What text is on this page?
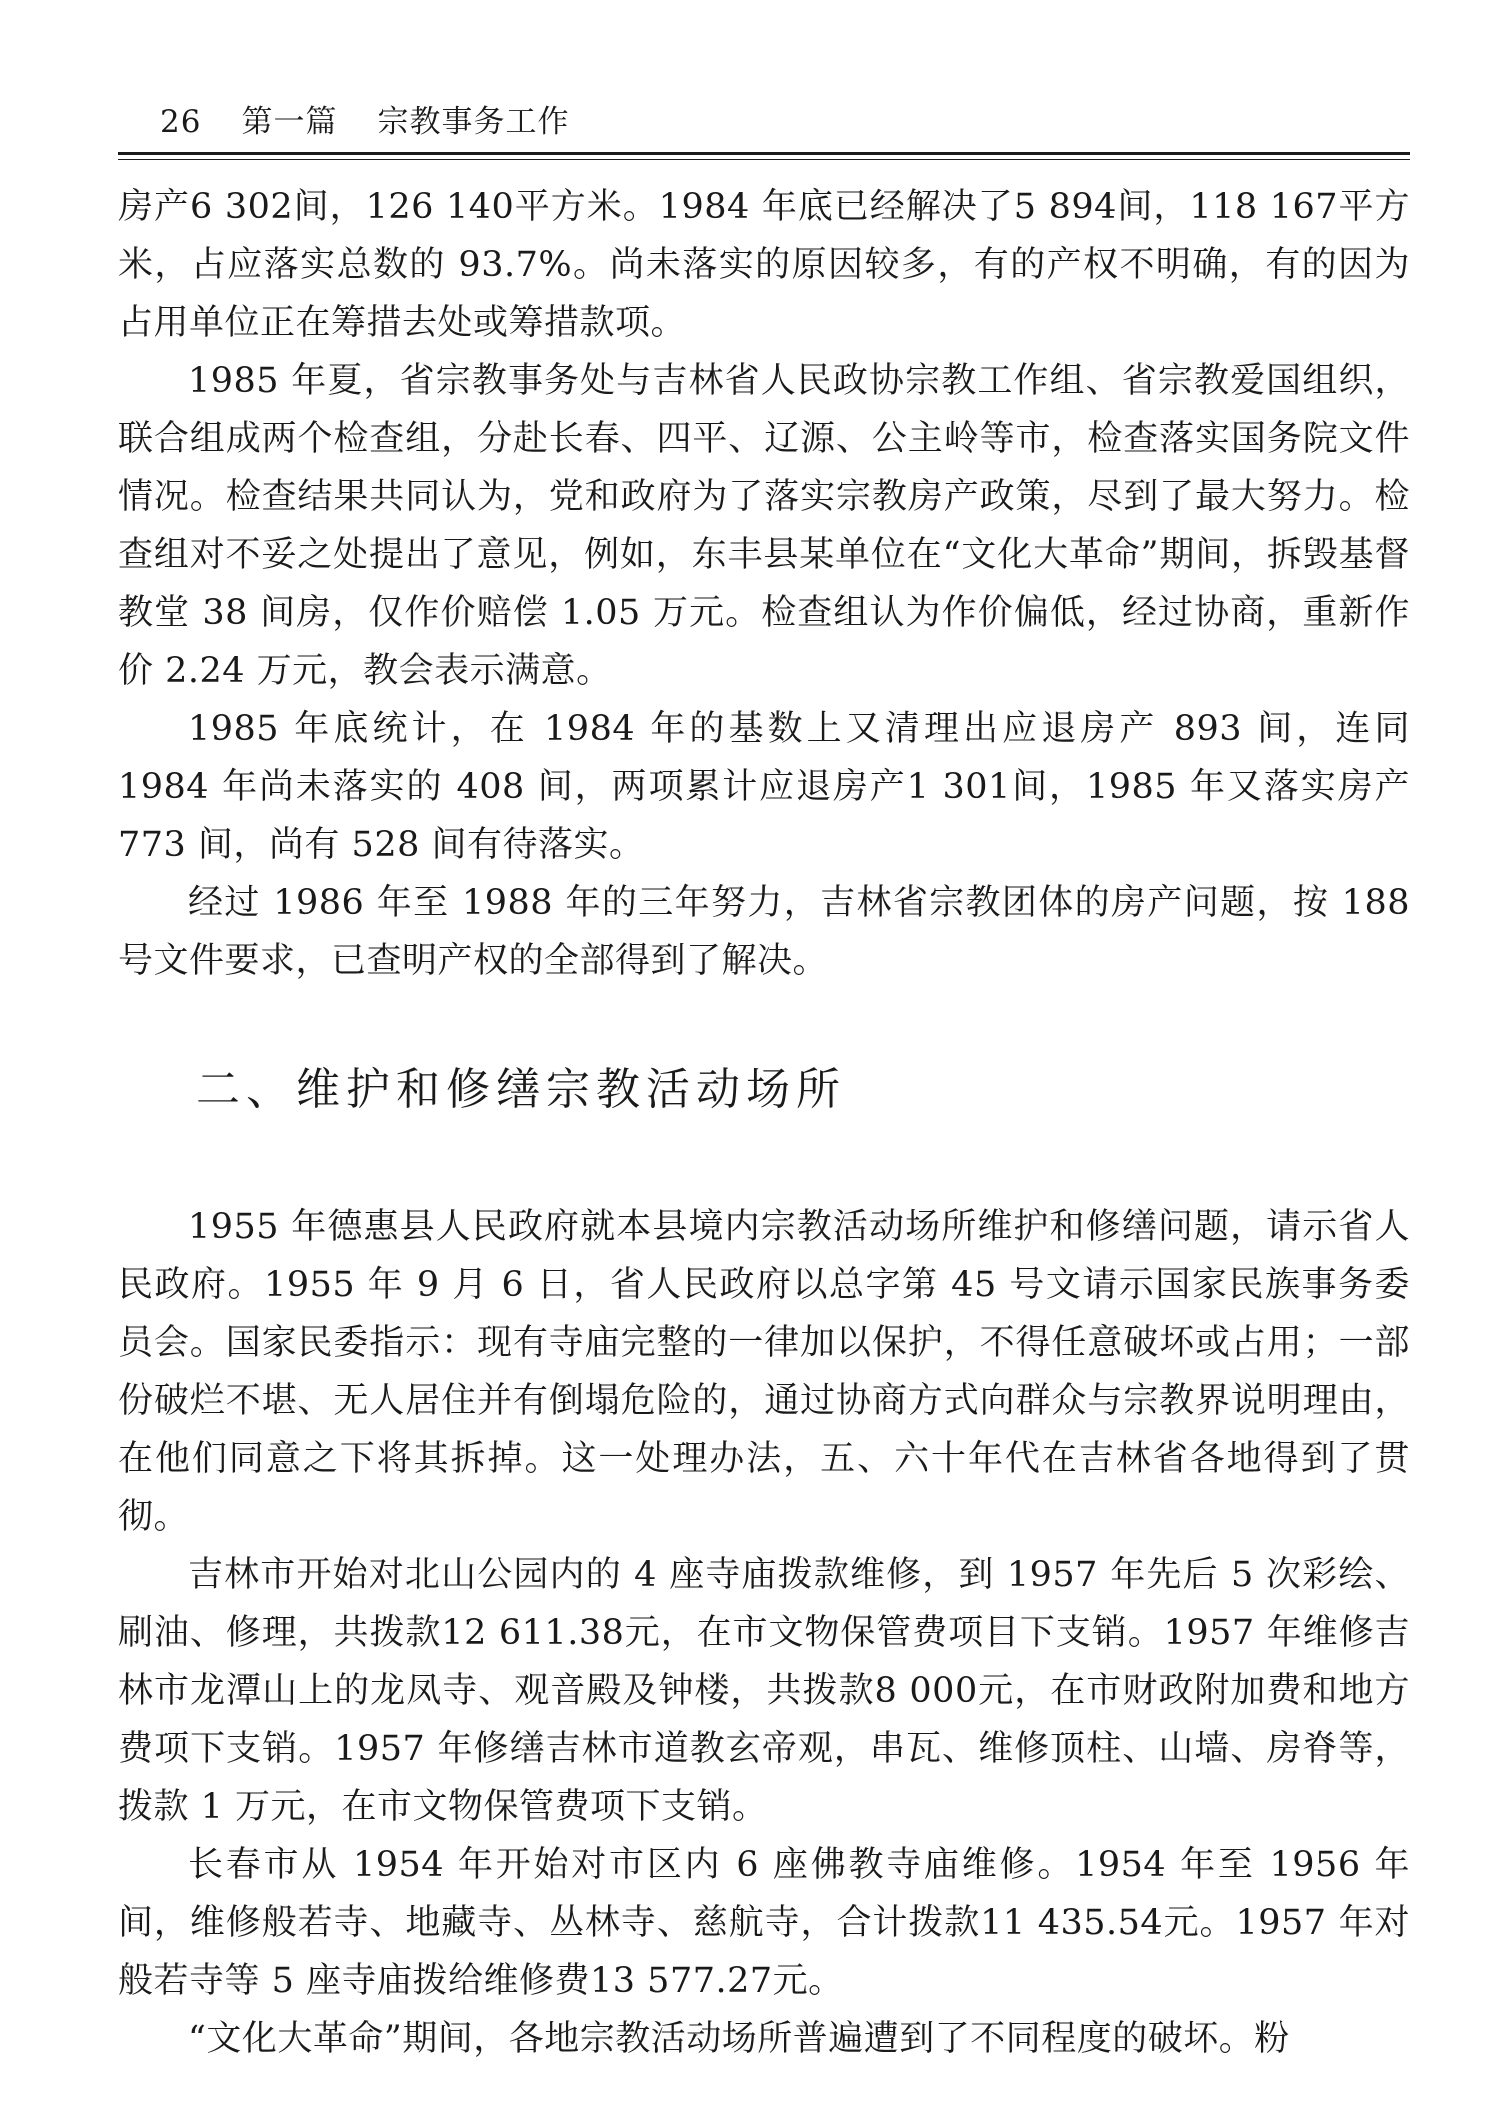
26 第一篇 宗教事务工作

房产6 302间，126 140平方米。1984 年底已经解决了5 894间，118 167平方米，占应落实总数的 93.7%。尚未落实的原因较多，有的产权不明确，有的因为占用单位正在筹措去处或筹措款项。

1985 年夏，省宗教事务处与吉林省人民政协宗教工作组、省宗教爱国组织，联合组成两个检查组，分赴长春、四平、辽源、公主岭等市，检查落实国务院文件情况。检查结果共同认为，党和政府为了落实宗教房产政策，尽到了最大努力。检查组对不妥之处提出了意见，例如，东丰县某单位在“文化大革命”期间，拆毁基督教堂 38 间房，仅作价赔偿 1.05 万元。检查组认为作价偏低，经过协商，重新作价 2.24 万元，教会表示满意。

1985 年底统计，在 1984 年的基数上又清理出应退房产 893 间，连同 1984 年尚未落实的 408 间，两项累计应退房产1 301间，1985 年又落实房产 773 间，尚有 528 间有待落实。

经过 1986 年至 1988 年的三年努力，吉林省宗教团体的房产问题，按 188 号文件要求，已查明产权的全部得到了解决。

二、维护和修缮宗教活动场所

1955 年德惠县人民政府就本县境内宗教活动场所维护和修缮问题，请示省人民政府。1955 年 9 月 6 日，省人民政府以总字第 45 号文请示国家民族事务委员会。国家民委指示：现有寺庙完整的一律加以保护，不得任意破坏或占用；一部份破烂不堪、无人居住并有倒塌危险的，通过协商方式向群众与宗教界说明理由，在他们同意之下将其拆掉。这一处理办法，五、六十年代在吉林省各地得到了贯彻。

吉林市开始对北山公园内的 4 座寺庙拨款维修，到 1957 年先后 5 次彩绘、刷油、修理，共拨款12 611.38元，在市文物保管费项目下支销。1957 年维修吉林市龙潭山上的龙凤寺、观音殿及钟楼，共拨款8 000元，在市财政附加费和地方费项下支销。1957 年修缮吉林市道教玄帝观，串瓦、维修顶柱、山墙、房脊等，拨款 1 万元，在市文物保管费项下支销。

长春市从 1954 年开始对市区内 6 座佛教寺庙维修。1954 年至 1956 年间，维修般若寺、地藏寺、丛林寺、慈航寺，合计拨款11 435.54元。1957 年对般若寺等 5 座寺庙拨给维修费13 577.27元。

“文化大革命”期间，各地宗教活动场所普遍遭到了不同程度的破坏。粉
